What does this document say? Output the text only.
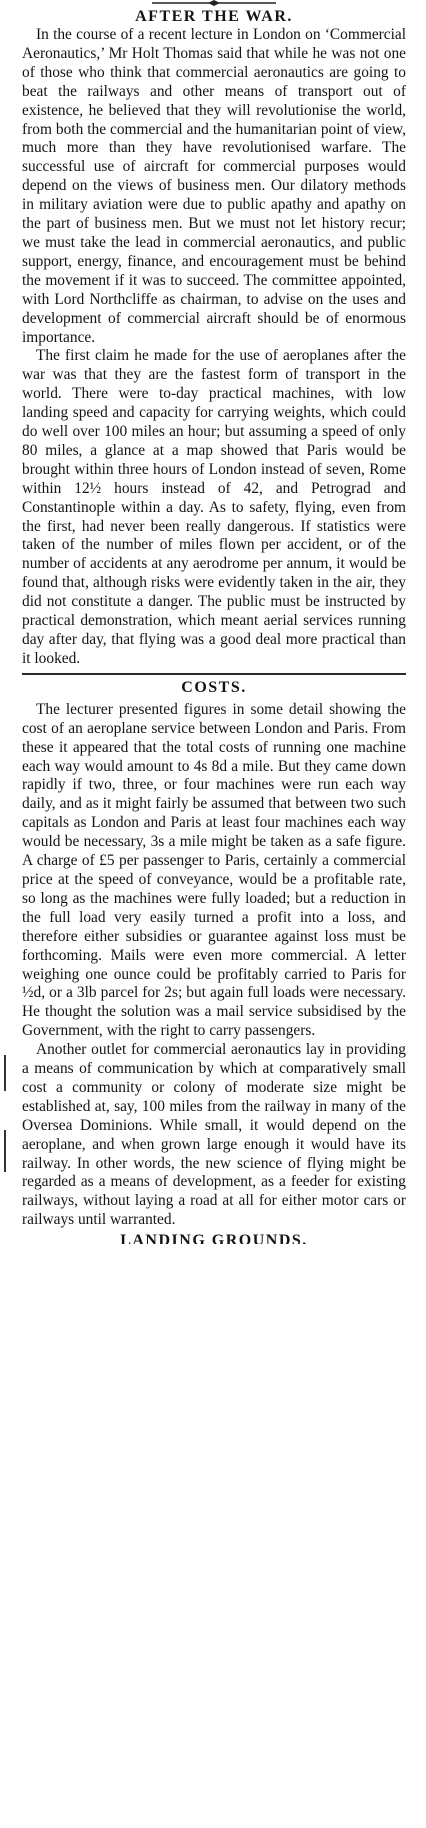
AFTER THE WAR.

In the course of a recent lecture in London on ‘Commercial Aeronautics,’ Mr Holt Thomas said that while he was not one of those who think that commercial aeronautics are going to beat the railways and other means of transport out of existence, he believed that they will revolutionise the world, from both the commercial and the humanitarian point of view, much more than they have revolutionised warfare. The successful use of aircraft for commercial purposes would depend on the views of business men. Our dilatory methods in military aviation were due to public apathy and apathy on the part of business men. But we must not let history recur; we must take the lead in commercial aeronautics, and public support, energy, finance, and encouragement must be behind the movement if it was to succeed. The committee appointed, with Lord Northcliffe as chairman, to advise on the uses and development of commercial aircraft should be of enormous importance.

The first claim he made for the use of aeroplanes after the war was that they are the fastest form of transport in the world. There were to-day practical machines, with low landing speed and capacity for carrying weights, which could do well over 100 miles an hour; but assuming a speed of only 80 miles, a glance at a map showed that Paris would be brought within three hours of London instead of seven, Rome within 12½ hours instead of 42, and Petrograd and Constantinople within a day. As to safety, flying, even from the first, had never been really dangerous. If statistics were taken of the number of miles flown per accident, or of the number of accidents at any aerodrome per annum, it would be found that, although risks were evidently taken in the air, they did not constitute a danger. The public must be instructed by practical demonstration, which meant aerial services running day after day, that flying was a good deal more practical than it looked.

COSTS.

The lecturer presented figures in some detail showing the cost of an aeroplane service between London and Paris. From these it appeared that the total costs of running one machine each way would amount to 4s 8d a mile. But they came down rapidly if two, three, or four machines were run each way daily, and as it might fairly be assumed that between two such capitals as London and Paris at least four machines each way would be necessary, 3s a mile might be taken as a safe figure. A charge of £5 per passenger to Paris, certainly a commercial price at the speed of conveyance, would be a profitable rate, so long as the machines were fully loaded; but a reduction in the full load very easily turned a profit into a loss, and therefore either subsidies or guarantee against loss must be forthcoming. Mails were even more commercial. A letter weighing one ounce could be profitably carried to Paris for ½d, or a 3lb parcel for 2s; but again full loads were necessary. He thought the solution was a mail service subsidised by the Government, with the right to carry passengers.

Another outlet for commercial aeronautics lay in providing a means of communication by which at comparatively small cost a community or colony of moderate size might be established at, say, 100 miles from the railway in many of the Oversea Dominions. While small, it would depend on the aeroplane, and when grown large enough it would have its railway. In other words, the new science of flying might be regarded as a means of development, as a feeder for existing railways, without laying a road at all for either motor cars or railways until warranted.

LANDING GROUNDS.
